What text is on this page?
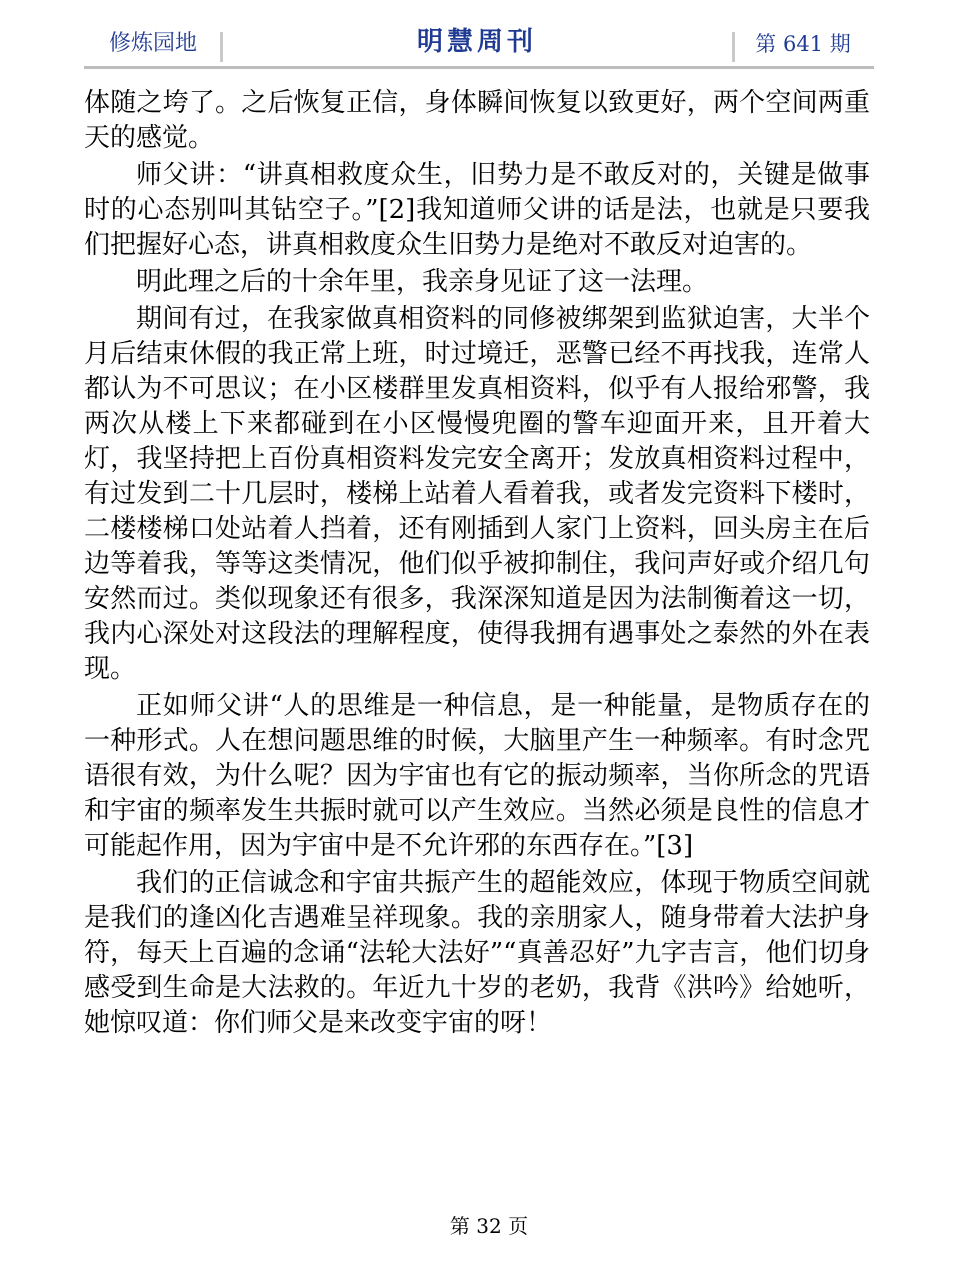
修炼园地	明慧周刊	第 641 期

体随之垮了。之后恢复正信，身体瞬间恢复以致更好，两个空间两重天的感觉。

师父讲：“讲真相救度众生，旧势力是不敢反对的，关键是做事时的心态别叫其钻空子。”[2]我知道师父讲的话是法，也就是只要我们把握好心态，讲真相救度众生旧势力是绝对不敢反对迫害的。

明此理之后的十余年里，我亲身见证了这一法理。

期间有过，在我家做真相资料的同修被绑架到监狱迫害，大半个月后结束休假的我正常上班，时过境迁，恶警已经不再找我，连常人都认为不可思议；在小区楼群里发真相资料，似乎有人报给邪警，我两次从楼上下来都碰到在小区慢慢兜圈的警车迎面开来，且开着大灯，我坚持把上百份真相资料发完安全离开；发放真相资料过程中，有过发到二十几层时，楼梯上站着人看着我，或者发完资料下楼时，二楼楼梯口处站着人挡着，还有刚插到人家门上资料，回头房主在后边等着我，等等这类情况，他们似乎被抑制住，我问声好或介绍几句安然而过。类似现象还有很多，我深深知道是因为法制衡着这一切，我内心深处对这段法的理解程度，使得我拥有遇事处之泰然的外在表现。

正如师父讲“人的思维是一种信息，是一种能量，是物质存在的一种形式。人在想问题思维的时候，大脑里产生一种频率。有时念咒语很有效，为什么呢？因为宇宙也有它的振动频率，当你所念的咒语和宇宙的频率发生共振时就可以产生效应。当然必须是良性的信息才可能起作用，因为宇宙中是不允许邪的东西存在。”[3]

我们的正信诚念和宇宙共振产生的超能效应，体现于物质空间就是我们的逢凶化吉遇难呈祥现象。我的亲朋家人，随身带着大法护身符，每天上百遍的念诵“法轮大法好”“真善忍好”九字吉言，他们切身感受到生命是大法救的。年近九十岁的老奶，我背《洪吟》给她听，她惊叹道：你们师父是来改变宇宙的呀！

第 32 页
